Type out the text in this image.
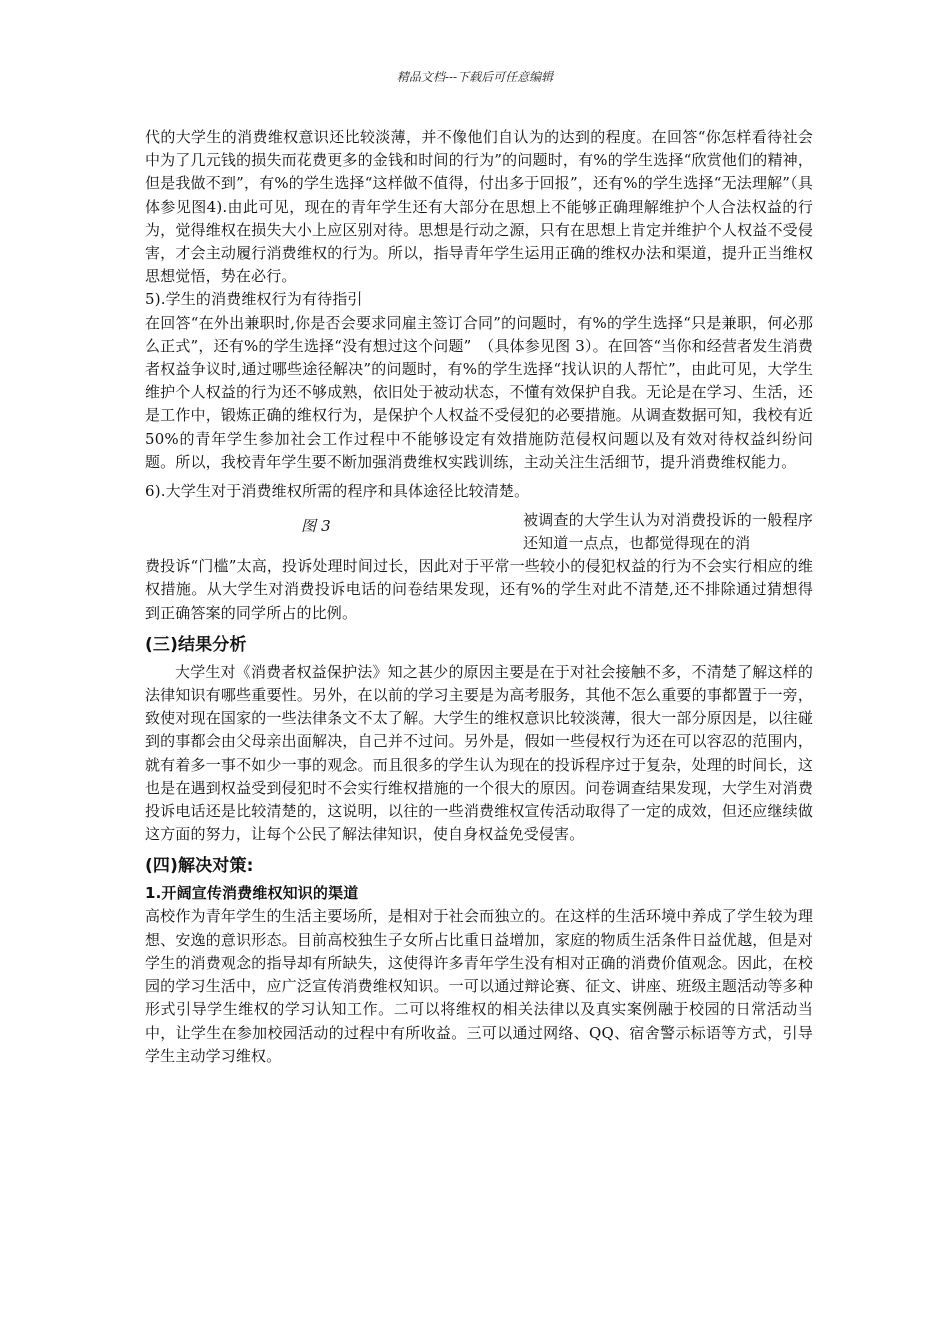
精品文档---下载后可任意编辑

代的大学生的消费维权意识还比较淡薄，并不像他们自认为的达到的程度。在回答“你怎样看待社会中为了几元钱的损失而花费更多的金钱和时间的行为”的问题时，有%的学生选择“欣赏他们的精神，但是我做不到”，有%的学生选择“这样做不值得，付出多于回报”，还有%的学生选择“无法理解”（具体参见图4).由此可见，现在的青年学生还有大部分在思想上不能够正确理解维护个人合法权益的行为，觉得维权在损失大小上应区别对待。思想是行动之源，只有在思想上肯定并维护个人权益不受侵害，才会主动履行消费维权的行为。所以，指导青年学生运用正确的维权办法和渠道，提升正当维权思想觉悟，势在必行。

5).学生的消费维权行为有待指引

在回答“在外出兼职时,你是否会要求同雇主签订合同”的问题时，有%的学生选择“只是兼职，何必那么正式”，还有%的学生选择“没有想过这个问题”　（具体参见图 3）。在回答“当你和经营者发生消费者权益争议时,通过哪些途径解决”的问题时，有%的学生选择“找认识的人帮忙”，由此可见，大学生维护个人权益的行为还不够成熟，依旧处于被动状态，不懂有效保护自我。无论是在学习、生活，还是工作中，锻炼正确的维权行为，是保护个人权益不受侵犯的必要措施。从调查数据可知，我校有近 50%的青年学生参加社会工作过程中不能够设定有效措施防范侵权问题以及有效对待权益纠纷问题。所以，我校青年学生要不断加强消费维权实践训练，主动关注生活细节，提升消费维权能力。

6).大学生对于消费维权所需的程序和具体途径比较清楚。

图 3	被调查的大学生认为对消费投诉的一般程序还知道一点点，也都觉得现在的消

费投诉“门槛”太高，投诉处理时间过长，因此对于平常一些较小的侵犯权益的行为不会实行相应的维权措施。从大学生对消费投诉电话的问卷结果发现，还有%的学生对此不清楚,还不排除通过猜想得到正确答案的同学所占的比例。

(三)结果分析

大学生对《消费者权益保护法》知之甚少的原因主要是在于对社会接触不多，不清楚了解这样的法律知识有哪些重要性。另外，在以前的学习主要是为高考服务，其他不怎么重要的事都置于一旁，致使对现在国家的一些法律条文不太了解。大学生的维权意识比较淡薄，很大一部分原因是，以往碰到的事都会由父母亲出面解决，自己并不过问。另外是，假如一些侵权行为还在可以容忍的范围内，就有着多一事不如少一事的观念。而且很多的学生认为现在的投诉程序过于复杂，处理的时间长，这也是在遇到权益受到侵犯时不会实行维权措施的一个很大的原因。问卷调查结果发现，大学生对消费投诉电话还是比较清楚的，这说明，以往的一些消费维权宣传活动取得了一定的成效，但还应继续做这方面的努力，让每个公民了解法律知识，使自身权益免受侵害。

(四)解决对策:

1.开阔宣传消费维权知识的渠道

高校作为青年学生的生活主要场所，是相对于社会而独立的。在这样的生活环境中养成了学生较为理想、安逸的意识形态。目前高校独生子女所占比重日益增加，家庭的物质生活条件日益优越，但是对学生的消费观念的指导却有所缺失，这使得许多青年学生没有相对正确的消费价值观念。因此，在校园的学习生活中，应广泛宣传消费维权知识。一可以通过辩论赛、征文、讲座、班级主题活动等多种形式引导学生维权的学习认知工作。二可以将维权的相关法律以及真实案例融于校园的日常活动当中，让学生在参加校园活动的过程中有所收益。三可以通过网络、QQ、宿舍警示标语等方式，引导学生主动学习维权。
